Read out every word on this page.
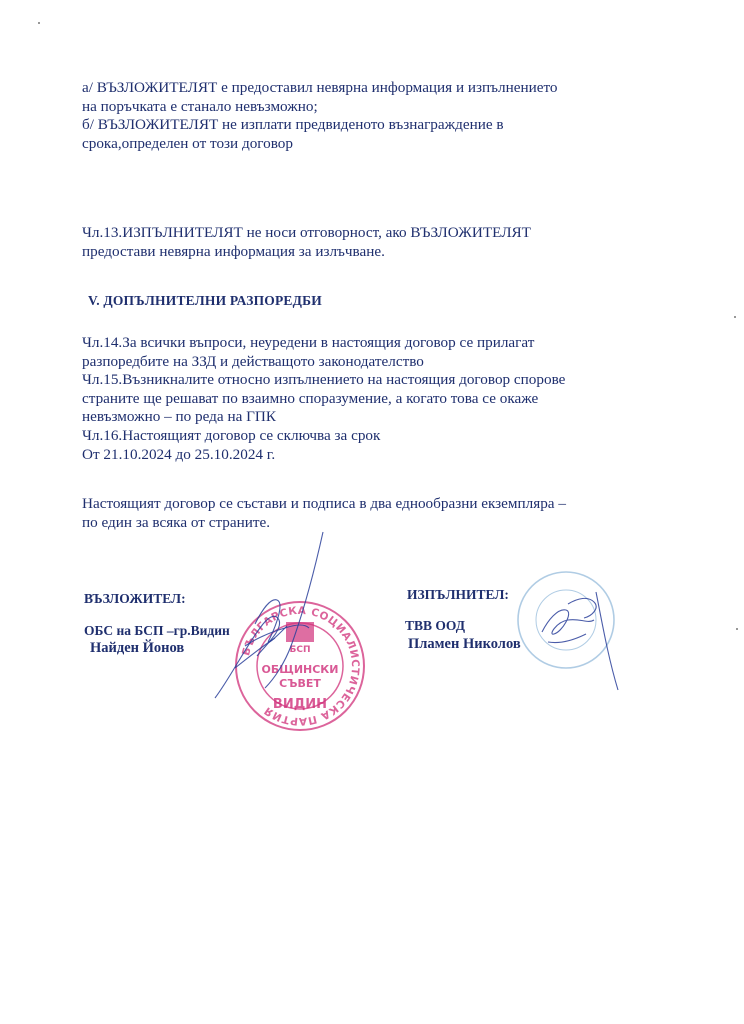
а/ ВЪЗЛОЖИТЕЛЯТ е предоставил невярна информация и изпълнението
на поръчката е станало невъзможно;
б/ ВЪЗЛОЖИТЕЛЯТ не изплати предвиденото възнаграждение в
срока,определен от този договор
Чл.13.ИЗПЪЛНИТЕЛЯТ не носи отговорност, ако ВЪЗЛОЖИТЕЛЯТ
предостави невярна информация за излъчване.
V. ДОПЪЛНИТЕЛНИ РАЗПОРЕДБИ
Чл.14.За всички въпроси, неуредени в настоящия договор се прилагат
разпоредбите на ЗЗД и действащото законодателство
Чл.15.Възникналите относно изпълнението на настоящия договор спорове
страните ще решават по взаимно споразумение, а когато това се окаже
невъзможно – по реда на ГПК
Чл.16.Настоящият договор се сключва за срок
От 21.10.2024 до 25.10.2024 г.
Настоящият договор се състави и подписа в два еднообразни екземпляра –
по един за всяка от страните.
ВЪЗЛОЖИТЕЛ:
ОБС на БСП –гр.Видин
Найден Йонов
ИЗПЪЛНИТЕЛ:
ТВВ ООД
Пламен Николов
БЪЛГАРСКА СОЦИАЛИСТИЧЕСКА ПАРТИЯ
БСП
ОБЩИНСКИ
СЪВЕТ
ВИДИН
